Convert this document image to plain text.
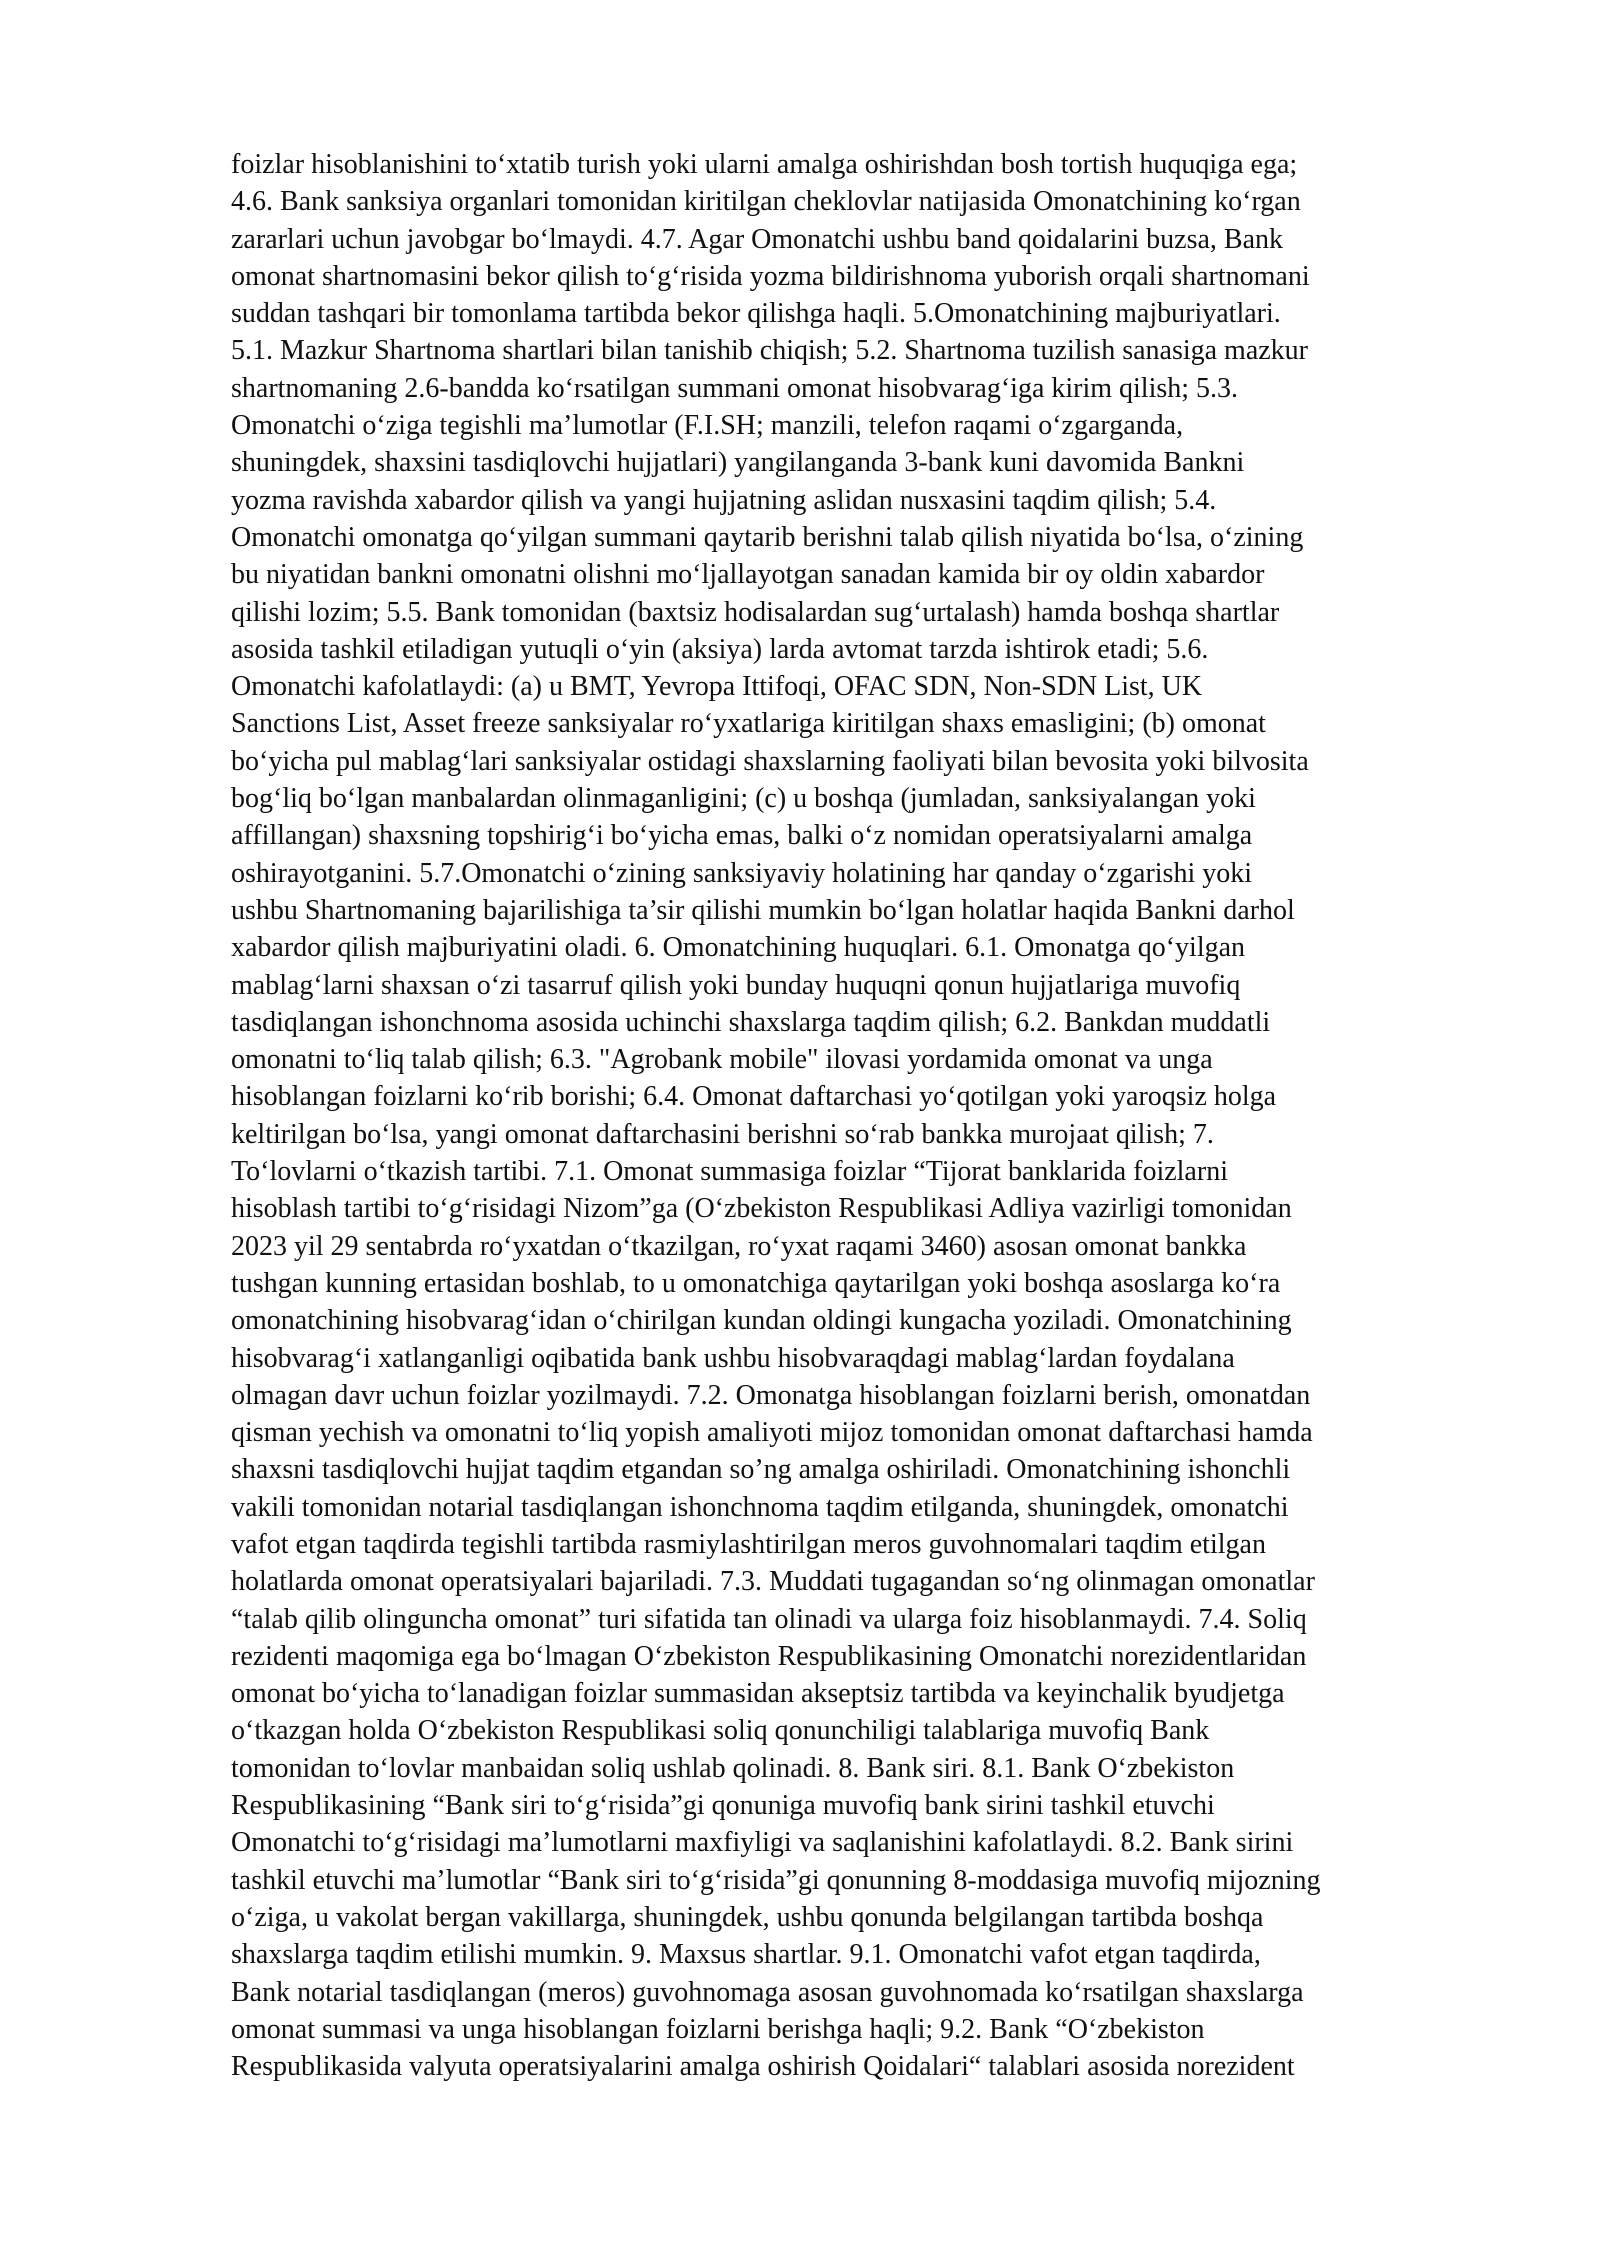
foizlar hisoblanishini to‘xtatib turish yoki ularni amalga oshirishdan bosh tortish huquqiga ega;
4.6. Bank sanksiya organlari tomonidan kiritilgan cheklovlar natijasida Omonatchining ko‘rgan
zararlari uchun javobgar bo‘lmaydi. 4.7. Agar Omonatchi ushbu band qoidalarini buzsa, Bank
omonat shartnomasini bekor qilish to‘g‘risida yozma bildirishnoma yuborish orqali shartnomani
suddan tashqari bir tomonlama tartibda bekor qilishga haqli. 5.Omonatchining majburiyatlari.
5.1. Mazkur Shartnoma shartlari bilan tanishib chiqish; 5.2. Shartnoma tuzilish sanasiga mazkur
shartnomaning 2.6-bandda ko‘rsatilgan summani omonat hisobvarag‘iga kirim qilish; 5.3.
Omonatchi o‘ziga tegishli ma’lumotlar (F.I.SH; manzili, telefon raqami o‘zgarganda,
shuningdek, shaxsini tasdiqlovchi hujjatlari) yangilanganda 3-bank kuni davomida Bankni
yozma ravishda xabardor qilish va yangi hujjatning aslidan nusxasini taqdim qilish; 5.4.
Omonatchi omonatga qo‘yilgan summani qaytarib berishni talab qilish niyatida bo‘lsa, o‘zining
bu niyatidan bankni omonatni olishni mo‘ljallayotgan sanadan kamida bir oy oldin xabardor
qilishi lozim; 5.5. Bank tomonidan (baxtsiz hodisalardan sug‘urtalash) hamda boshqa shartlar
asosida tashkil etiladigan yutuqli o‘yin (aksiya) larda avtomat tarzda ishtirok etadi; 5.6.
Omonatchi kafolatlaydi: (a) u BMT, Yevropa Ittifoqi, OFAC SDN, Non-SDN List, UK
Sanctions List, Asset freeze sanksiyalar ro‘yxatlariga kiritilgan shaxs emasligini; (b) omonat
bo‘yicha pul mablag‘lari sanksiyalar ostidagi shaxslarning faoliyati bilan bevosita yoki bilvosita
bog‘liq bo‘lgan manbalardan olinmaganligini; (c) u boshqa (jumladan, sanksiyalangan yoki
affillangan) shaxsning topshirig‘i bo‘yicha emas, balki o‘z nomidan operatsiyalarni amalga
oshirayotganini. 5.7.Omonatchi o‘zining sanksiyaviy holatining har qanday o‘zgarishi yoki
ushbu Shartnomaning bajarilishiga ta’sir qilishi mumkin bo‘lgan holatlar haqida Bankni darhol
xabardor qilish majburiyatini oladi. 6. Omonatchining huquqlari. 6.1. Omonatga qo‘yilgan
mablag‘larni shaxsan o‘zi tasarruf qilish yoki bunday huquqni qonun hujjatlariga muvofiq
tasdiqlangan ishonchnoma asosida uchinchi shaxslarga taqdim qilish; 6.2. Bankdan muddatli
omonatni to‘liq talab qilish; 6.3. "Agrobank mobile" ilovasi yordamida omonat va unga
hisoblangan foizlarni ko‘rib borishi; 6.4. Omonat daftarchasi yo‘qotilgan yoki yaroqsiz holga
keltirilgan bo‘lsa, yangi omonat daftarchasini berishni so‘rab bankka murojaat qilish; 7.
To‘lovlarni o‘tkazish tartibi. 7.1. Omonat summasiga foizlar “Tijorat banklarida foizlarni
hisoblash tartibi to‘g‘risidagi Nizom”ga (O‘zbekiston Respublikasi Adliya vazirligi tomonidan
2023 yil 29 sentabrda ro‘yxatdan o‘tkazilgan, ro‘yxat raqami 3460) asosan omonat bankka
tushgan kunning ertasidan boshlab, to u omonatchiga qaytarilgan yoki boshqa asoslarga ko‘ra
omonatchining hisobvarag‘idan o‘chirilgan kundan oldingi kungacha yoziladi. Omonatchining
hisobvarag‘i xatlanganligi oqibatida bank ushbu hisobvaraqdagi mablag‘lardan foydalana
olmagan davr uchun foizlar yozilmaydi. 7.2. Omonatga hisoblangan foizlarni berish, omonatdan
qisman yechish va omonatni to‘liq yopish amaliyoti mijoz tomonidan omonat daftarchasi hamda
shaxsni tasdiqlovchi hujjat taqdim etgandan so’ng amalga oshiriladi. Omonatchining ishonchli
vakili tomonidan notarial tasdiqlangan ishonchnoma taqdim etilganda, shuningdek, omonatchi
vafot etgan taqdirda tegishli tartibda rasmiylashtirilgan meros guvohnomalari taqdim etilgan
holatlarda omonat operatsiyalari bajariladi. 7.3. Muddati tugagandan so‘ng olinmagan omonatlar
“talab qilib olinguncha omonat” turi sifatida tan olinadi va ularga foiz hisoblanmaydi. 7.4. Soliq
rezidenti maqomiga ega bo‘lmagan O‘zbekiston Respublikasining Omonatchi norezidentlaridan
omonat bo‘yicha to‘lanadigan foizlar summasidan akseptsiz tartibda va keyinchalik byudjetga
o‘tkazgan holda O‘zbekiston Respublikasi soliq qonunchiligi talablariga muvofiq Bank
tomonidan to‘lovlar manbaidan soliq ushlab qolinadi. 8. Bank siri. 8.1. Bank O‘zbekiston
Respublikasining “Bank siri to‘g‘risida”gi qonuniga muvofiq bank sirini tashkil etuvchi
Omonatchi to‘g‘risidagi ma’lumotlarni maxfiyligi va saqlanishini kafolatlaydi. 8.2. Bank sirini
tashkil etuvchi ma’lumotlar “Bank siri to‘g‘risida”gi qonunning 8-moddasiga muvofiq mijozning
o‘ziga, u vakolat bergan vakillarga, shuningdek, ushbu qonunda belgilangan tartibda boshqa
shaxslarga taqdim etilishi mumkin. 9. Maxsus shartlar. 9.1. Omonatchi vafot etgan taqdirda,
Bank notarial tasdiqlangan (meros) guvohnomaga asosan guvohnomada ko‘rsatilgan shaxslarga
omonat summasi va unga hisoblangan foizlarni berishga haqli; 9.2. Bank “O‘zbekiston
Respublikasida valyuta operatsiyalarini amalga oshirish Qoidalari“ talablari asosida norezident
